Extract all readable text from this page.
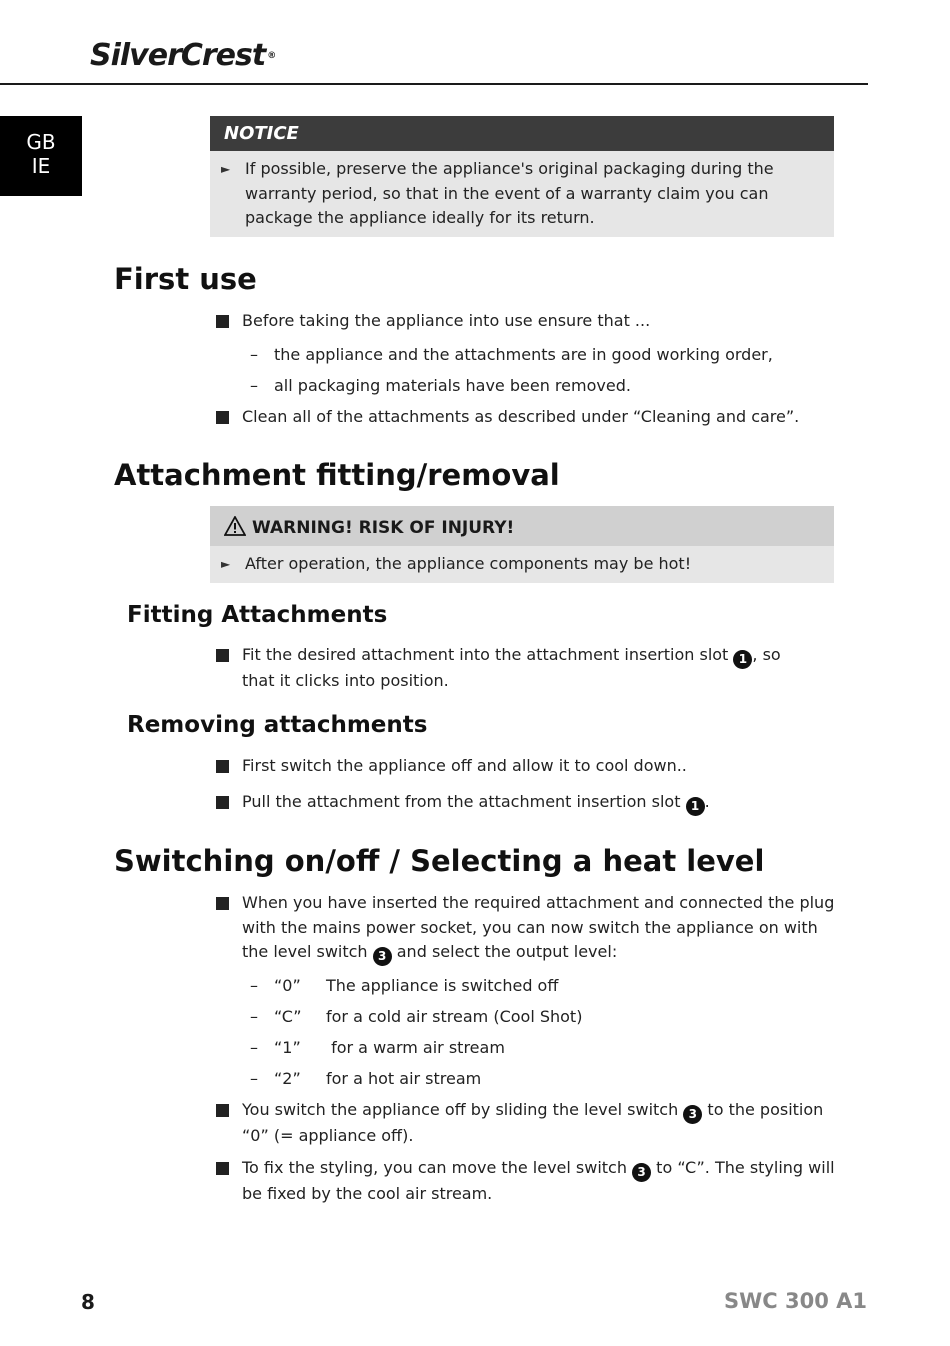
SilverCrest ®
GB
IE
NOTICE
► If possible, preserve the appliance's original packaging during the warranty period, so that in the event of a warranty claim you can package the appliance ideally for its return.
First use
Before taking the appliance into use ensure that ...
– the appliance and the attachments are in good working order,
– all packaging materials have been removed.
Clean all of the attachments as described under “Cleaning and care”.
Attachment fitting/removal
WARNING! RISK OF INJURY!
► After operation, the appliance components may be hot!
Fitting Attachments
Fit the desired attachment into the attachment insertion slot 1 , so that it clicks into position.
Removing attachments
First switch the appliance off and allow it to cool down..
Pull the attachment from the attachment insertion slot 1 .
Switching on/off / Selecting a heat level
When you have inserted the required attachment and connected the plug with the mains power socket, you can now switch the appliance on with the level switch 3 and select the output level:
– “0” The appliance is switched off
– “C” for a cold air stream (Cool Shot)
– “1” for a warm air stream
– “2” for a hot air stream
You switch the appliance off by sliding the level switch 3 to the position “0” (= appliance off).
To fix the styling, you can move the level switch 3 to “C”. The styling will be fixed by the cool air stream.
8	SWC 300 A1
